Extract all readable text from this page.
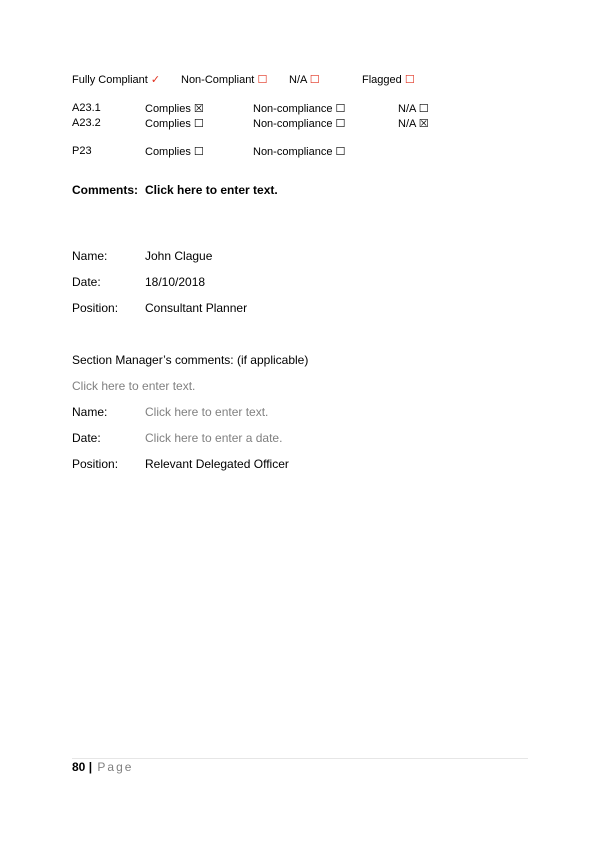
Fully Compliant ✓ Non-Compliant ☐ N/A ☐	Flagged ☐
A23.1	Complies ☒	Non-compliance ☐	N/A ☐
A23.2	Complies ☐	Non-compliance ☐	N/A ☒
P23	Complies ☐	Non-compliance ☐
Comments: Click here to enter text.
Name:	John Clague
Date:	18/10/2018
Position: Consultant Planner
Section Manager’s comments: (if applicable)
Click here to enter text.
Name:	Click here to enter text.
Date:	Click here to enter a date.
Position: Relevant Delegated Officer
80 | Page
